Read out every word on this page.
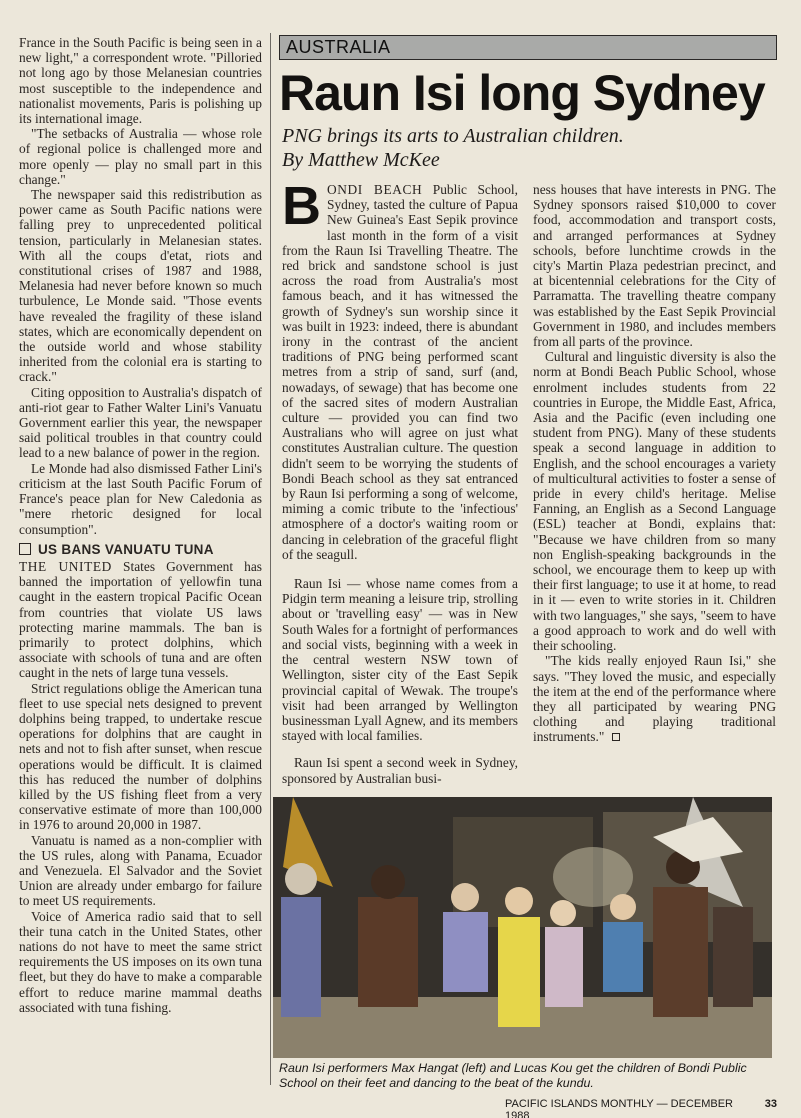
France in the South Pacific is being seen in a new light," a correspondent wrote. "Pilloried not long ago by those Melanesian countries most susceptible to the independence and nationalist movements, Paris is polishing up its international image.

"The setbacks of Australia — whose role of regional police is challenged more and more openly — play no small part in this change."

The newspaper said this redistribution as power came as South Pacific nations were falling prey to unprecedented political tension, particularly in Melanesian states. With all the coups d'etat, riots and constitutional crises of 1987 and 1988, Melanesia had never before known so much turbulence, Le Monde said. "Those events have revealed the fragility of these island states, which are economically dependent on the outside world and whose stability inherited from the colonial era is starting to crack."

Citing opposition to Australia's dispatch of anti-riot gear to Father Walter Lini's Vanuatu Government earlier this year, the newspaper said political troubles in that country could lead to a new balance of power in the region.

Le Monde had also dismissed Father Lini's criticism at the last South Pacific Forum of France's peace plan for New Caledonia as "mere rhetoric designed for local consumption".

US BANS VANUATU TUNA

THE UNITED States Government has banned the importation of yellowfin tuna caught in the eastern tropical Pacific Ocean from countries that violate US laws protecting marine mammals. The ban is primarily to protect dolphins, which associate with schools of tuna and are often caught in the nets of large tuna vessels.

Strict regulations oblige the American tuna fleet to use special nets designed to prevent dolphins being trapped, to undertake rescue operations for dolphins that are caught in nets and not to fish after sunset, when rescue operations would be difficult. It is claimed this has reduced the number of dolphins killed by the US fishing fleet from a very conservative estimate of more than 100,000 in 1976 to around 20,000 in 1987.

Vanuatu is named as a non-complier with the US rules, along with Panama, Ecuador and Venezuela. El Salvador and the Soviet Union are already under embargo for failure to meet US requirements.

Voice of America radio said that to sell their tuna catch in the United States, other nations do not have to meet the same strict requirements the US imposes on its own tuna fleet, but they do have to make a comparable effort to reduce marine mammal deaths associated with tuna fishing.

AUSTRALIA
Raun Isi long Sydney
PNG brings its arts to Australian children.
By Matthew McKee

BONDI BEACH Public School, Sydney, tasted the culture of Papua New Guinea's East Sepik province last month in the form of a visit from the Raun Isi Travelling Theatre. The red brick and sandstone school is just across the road from Australia's most famous beach, and it has witnessed the growth of Sydney's sun worship since it was built in 1923: indeed, there is abundant irony in the contrast of the ancient traditions of PNG being performed scant metres from a strip of sand, surf (and, nowadays, of sewage) that has become one of the sacred sites of modern Australian culture — provided you can find two Australians who will agree on just what constitutes Australian culture. The question didn't seem to be worrying the students of Bondi Beach school as they sat entranced by Raun Isi performing a song of welcome, miming a comic tribute to the 'infectious' atmosphere of a doctor's waiting room or dancing in celebration of the graceful flight of the seagull.

Raun Isi — whose name comes from a Pidgin term meaning a leisure trip, strolling about or 'travelling easy' — was in New South Wales for a fortnight of performances and social vists, beginning with a week in the central western NSW town of Wellington, sister city of the East Sepik provincial capital of Wewak. The troupe's visit had been arranged by Wellington businessman Lyall Agnew, and its members stayed with local families.

Raun Isi spent a second week in Sydney, sponsored by Australian busi-

ness houses that have interests in PNG. The Sydney sponsors raised $10,000 to cover food, accommodation and transport costs, and arranged performances at Sydney schools, before lunchtime crowds in the city's Martin Plaza pedestrian precinct, and at bicentennial celebrations for the City of Parramatta. The travelling theatre company was established by the East Sepik Provincial Government in 1980, and includes members from all parts of the province.

Cultural and linguistic diversity is also the norm at Bondi Beach Public School, whose enrolment includes students from 22 countries in Europe, the Middle East, Africa, Asia and the Pacific (even including one student from PNG). Many of these students speak a second language in addition to English, and the school encourages a variety of multicultural activities to foster a sense of pride in every child's heritage. Melise Fanning, an English as a Second Language (ESL) teacher at Bondi, explains that: "Because we have children from so many non English-speaking backgrounds in the school, we encourage them to keep up with their first language; to use it at home, to read in it — even to write stories in it. Children with two languages," she says, "seem to have a good approach to work and do well with their schooling.

"The kids really enjoyed Raun Isi," she says. "They loved the music, and especially the item at the end of the performance where they all participated by wearing PNG clothing and playing traditional instruments."

Raun Isi performers Max Hangat (left) and Lucas Kou get the children of Bondi Public School on their feet and dancing to the beat of the kundu.
PACIFIC ISLANDS MONTHLY — DECEMBER 1988
33
